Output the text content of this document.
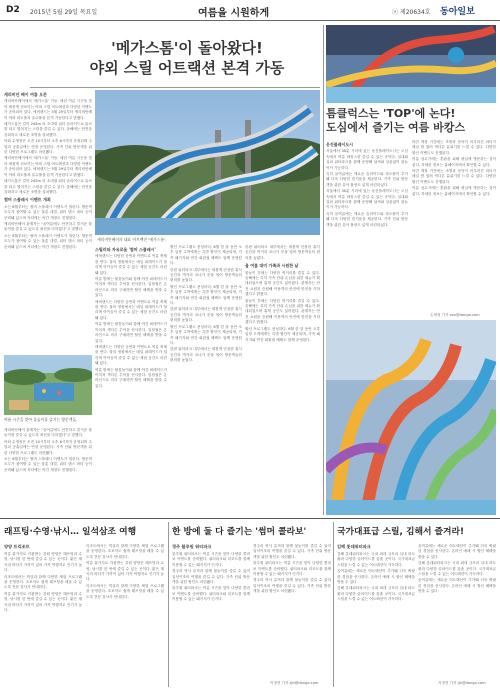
D2 2015년 5월 29일 목요일	여름을 시원하게	ⓐ 제20634호 동아일보
'메가스톰'이 돌아왔다!
야외 스릴 어트랙션 본격 가동
캐리비안 베이 여름 오픈

캐리비안베이에서 '메가스톰' 가동. 매년 여름 시즌을 맞아 새롭게 선보이는 야외 스릴 어트랙션과 다양한 이벤트가 준비되어 있다. 에버랜드는 5월 29일부터 캐리비안베이 야외 파도풀과 유수풀을 본격 가동한다고 밝혔다.

메가스톰은 길이 245m 의 초대형 워터 슬라이드로 튜브를 타고 떨어지는 스릴을 즐길 수 있다. 올해에는 안전을 강화하고 새로운 조명을 설치했다.

야외 수영장은 오전 10시부터 오후 6시까지 운영되며 주말과 공휴일에는 연장 운영된다. 가족 단위 방문객을 위한 다양한 프로그램도 마련됐다.

캐리비안베이에서 '메가스톰' 가동. 매년 여름 시즌을 맞아 새롭게 선보이는 야외 스릴 어트랙션과 다양한 이벤트가 준비되어 있다. 에버랜드는 5월 29일부터 캐리비안베이 야외 파도풀과 유수풀을 본격 가동한다고 밝혔다.

메가스톰은 길이 245m 의 초대형 워터 슬라이드로 튜브를 타고 떨어지는 스릴을 즐길 수 있다. 올해에는 안전을 강화하고 새로운 조명을 설치했다.

썸머 스플래시 이벤트 개최

오는 6월부터는 썸머 스플래시 이벤트가 열린다. 방문객 모두가 참여할 수 있는 물총 대결, 워터 댄스 파티 등이 준비돼 있으며 저녁에는 야간 개장도 진행된다.

캐리비안베이 관계자는 "올여름에도 안전하고 즐거운 물놀이를 즐길 수 있도록 최선을 다하겠다"고 말했다.

오는 6월부터는 썸머 스플래시 이벤트가 열린다. 방문객 모두가 참여할 수 있는 물총 대결, 워터 댄스 파티 등이 준비돼 있으며 저녁에는 야간 개장도 진행된다.

캐리비안베이의 대표 어트랙션 '메가스톰'.
스릴러와 자유로움 '썸머 스플래시'

에버랜드는 다양한 공연과 이벤트로 여름 축제를 연다. 물의 정원에서는 매일 퍼레이드가 열리며 아이들이 즐길 수 있는 체험 공간도 마련돼 있다.

여름 밤에는 불꽃놀이와 함께 야간 퍼레이드가 이어져 색다른 추억을 선사한다. 입장권은 온라인으로 미리 구매하면 할인 혜택을 받을 수 있다.

에버랜드는 다양한 공연과 이벤트로 여름 축제를 연다. 물의 정원에서는 매일 퍼레이드가 열리며 아이들이 즐길 수 있는 체험 공간도 마련돼 있다.

여름 밤에는 불꽃놀이와 함께 야간 퍼레이드가 이어져 색다른 추억을 선사한다. 입장권은 온라인으로 미리 구매하면 할인 혜택을 받을 수 있다.

에버랜드는 다양한 공연과 이벤트로 여름 축제를 연다. 물의 정원에서는 매일 퍼레이드가 열리며 아이들이 즐길 수 있는 체험 공간도 마련돼 있다.

여름 밤에는 불꽃놀이와 함께 야간 퍼레이드가 이어져 색다른 추억을 선사한다. 입장권은 온라인으로 미리 구매하면 할인 혜택을 받을 수 있다.

할인 프로그램도 풍성하다. 6월 한 달 동안 오후 입장 고객에게는 특별 할인이 제공되며, 가족 패키지와 연간 회원권 혜택도 함께 운영된다.

한편 워터파크 내부에서는 새롭게 단장한 휴식 공간과 먹거리 코너가 문을 열어 방문객들의 편의를 높였다.

할인 프로그램도 풍성하다. 6월 한 달 동안 오후 입장 고객에게는 특별 할인이 제공되며, 가족 패키지와 연간 회원권 혜택도 함께 운영된다.

한편 워터파크 내부에서는 새롭게 단장한 휴식 공간과 먹거리 코너가 문을 열어 방문객들의 편의를 높였다.

할인 프로그램도 풍성하다. 6월 한 달 동안 오후 입장 고객에게는 특별 할인이 제공되며, 가족 패키지와 연간 회원권 혜택도 함께 운영된다.

한편 워터파크 내부에서는 새롭게 단장한 휴식 공간과 먹거리 코너가 문을 열어 방문객들의 편의를 높였다.

한편 워터파크 내부에서는 새롭게 단장한 휴식 공간과 먹거리 코너가 문을 열어 방문객들의 편의를 높였다.

올 여름 대미 가족과 시원한 날

물놀이 후에는 다양한 먹거리를 즐길 수 있다. 올해에는 특히 가족 단위 손님을 위한 메뉴가 확대되었으며 휴게 공간도 넓어졌다. 관계자는 안전 요원을 증원해 이용객의 안전에 만전을 기하겠다고 밝혔다.

물놀이 후에는 다양한 먹거리를 즐길 수 있다. 올해에는 특히 가족 단위 손님을 위한 메뉴가 확대되었으며 휴게 공간도 넓어졌다. 관계자는 안전 요원을 증원해 이용객의 안전에 만전을 기하겠다고 밝혔다.

할인 프로그램도 풍성하다. 6월 한 달 동안 오후 입장 고객에게는 특별 할인이 제공되며, 가족 패키지와 연간 회원권 혜택도 함께 운영된다.

여름 시즌을 맞아 물놀이를 즐기는 방문객들.

캐리비안베이 관계자는 "올여름에도 안전하고 즐거운 물놀이를 즐길 수 있도록 최선을 다하겠다"고 말했다.

야외 수영장은 오전 10시부터 오후 6시까지 운영되며 주말과 공휴일에는 연장 운영된다. 가족 단위 방문객을 위한 다양한 프로그램도 마련됐다.

오는 6월부터는 썸머 스플래시 이벤트가 열린다. 방문객 모두가 참여할 수 있는 물총 대결, 워터 댄스 파티 등이 준비돼 있으며 저녁에는 야간 개장도 진행된다.

틈클럭스는 'TOP'에 논다!
도심에서 즐기는 여름 바캉스
웅진플레이도시

서울에서 30분 거리에 있는 웅진플레이도시는 도심 속에서 여름 바캉스를 즐길 수 있는 곳이다. 실내와 실외 워터파크를 함께 운영해 날씨와 상관없이 물놀이가 가능하다.

특히 올여름에는 새로운 슬라이드와 파도풀이 추가돼 더욱 다양한 즐거움을 제공한다. 가족 단위 방문객을 위한 유아 풀장도 넓게 마련되었다.

서울에서 30분 거리에 있는 웅진플레이도시는 도심 속에서 여름 바캉스를 즐길 수 있는 곳이다. 실내와 실외 워터파크를 함께 운영해 날씨와 상관없이 물놀이가 가능하다.

특히 올여름에는 새로운 슬라이드와 파도풀이 추가돼 더욱 다양한 즐거움을 제공한다. 가족 단위 방문객을 위한 유아 풀장도 넓게 마련되었다.

야간 개장 기간에는 조명과 음악이 어우러진 파티가 매일 밤 열려 색다른 분위기를 느낄 수 있다. 다양한 할인 이벤트도 진행된다.

여름 성수기에는 혼잡을 피해 평일에 방문하는 것이 좋다. 자세한 정보는 홈페이지에서 확인할 수 있다.

야간 개장 기간에는 조명과 음악이 어우러진 파티가 매일 밤 열려 색다른 분위기를 느낄 수 있다. 다양한 할인 이벤트도 진행된다.

여름 성수기에는 혼잡을 피해 평일에 방문하는 것이 좋다. 자세한 정보는 홈페이지에서 확인할 수 있다.

손세정 기자 son@donga.com
래프팅·수영·낚시… 일석삼조 여행	한 방에 둘 다 즐기는 '썸머 콜라보'	국가대표급 스릴, 김해서 즐겨라!
양양 트리조트

여름 휴가지로 각광받는 강원 양양은 래프팅과 수영, 낚시를 한 번에 즐길 수 있는 곳이다. 맑은 계곡과 바다가 가까이 있어 가족 여행지로 인기가 높다.

리조트에서는 객실과 함께 다양한 체험 프로그램을 운영한다. 초보자도 쉽게 래프팅을 배울 수 있도록 전문 강사가 안내한다.

여름 휴가지로 각광받는 강원 양양은 래프팅과 수영, 낚시를 한 번에 즐길 수 있는 곳이다. 맑은 계곡과 바다가 가까이 있어 가족 여행지로 인기가 높다.

리조트에서는 객실과 함께 다양한 체험 프로그램을 운영한다. 초보자도 쉽게 래프팅을 배울 수 있도록 전문 강사가 안내한다.

여름 휴가지로 각광받는 강원 양양은 래프팅과 수영, 낚시를 한 번에 즐길 수 있는 곳이다. 맑은 계곡과 바다가 가까이 있어 가족 여행지로 인기가 높다.

리조트에서는 객실과 함께 다양한 체험 프로그램을 운영한다. 초보자도 쉽게 래프팅을 배울 수 있도록 전문 강사가 안내한다.

경주 블루원 워터파크

블루원 워터파크는 여름 시즌을 맞아 다양한 콜라보 이벤트를 준비했다. 워터파크와 리조트를 함께 이용할 수 있는 패키지가 인기다.

경주의 역사 유적과 함께 물놀이를 즐길 수 있어 일석이조의 여행을 즐길 수 있다. 가족 단위 방문객을 위한 할인도 마련됐다.

블루원 워터파크는 여름 시즌을 맞아 다양한 콜라보 이벤트를 준비했다. 워터파크와 리조트를 함께 이용할 수 있는 패키지가 인기다.

경주의 역사 유적과 함께 물놀이를 즐길 수 있어 일석이조의 여행을 즐길 수 있다. 가족 단위 방문객을 위한 할인도 마련됐다.

블루원 워터파크는 여름 시즌을 맞아 다양한 콜라보 이벤트를 준비했다. 워터파크와 리조트를 함께 이용할 수 있는 패키지가 인기다.

경주의 역사 유적과 함께 물놀이를 즐길 수 있어 일석이조의 여행을 즐길 수 있다. 가족 단위 방문객을 위한 할인도 마련됐다.

이정현 기자 sjh@donga.com
김해 롯데워터파크

김해 롯데워터파크는 국내 최대 규모의 실내 파도풀과 다양한 슬라이드를 갖춘 곳이다. 국가대표급 스릴을 느낄 수 있는 어트랙션이 가득하다.

올여름에는 새로운 어트랙션이 추가돼 더욱 짜릿한 경험을 선사한다. 온라인 예매 시 할인 혜택을 받을 수 있다.

김해 롯데워터파크는 국내 최대 규모의 실내 파도풀과 다양한 슬라이드를 갖춘 곳이다. 국가대표급 스릴을 느낄 수 있는 어트랙션이 가득하다.

올여름에는 새로운 어트랙션이 추가돼 더욱 짜릿한 경험을 선사한다. 온라인 예매 시 할인 혜택을 받을 수 있다.

김해 롯데워터파크는 국내 최대 규모의 실내 파도풀과 다양한 슬라이드를 갖춘 곳이다. 국가대표급 스릴을 느낄 수 있는 어트랙션이 가득하다.

올여름에는 새로운 어트랙션이 추가돼 더욱 짜릿한 경험을 선사한다. 온라인 예매 시 할인 혜택을 받을 수 있다.

지정현 기자 jjh@donga.com
